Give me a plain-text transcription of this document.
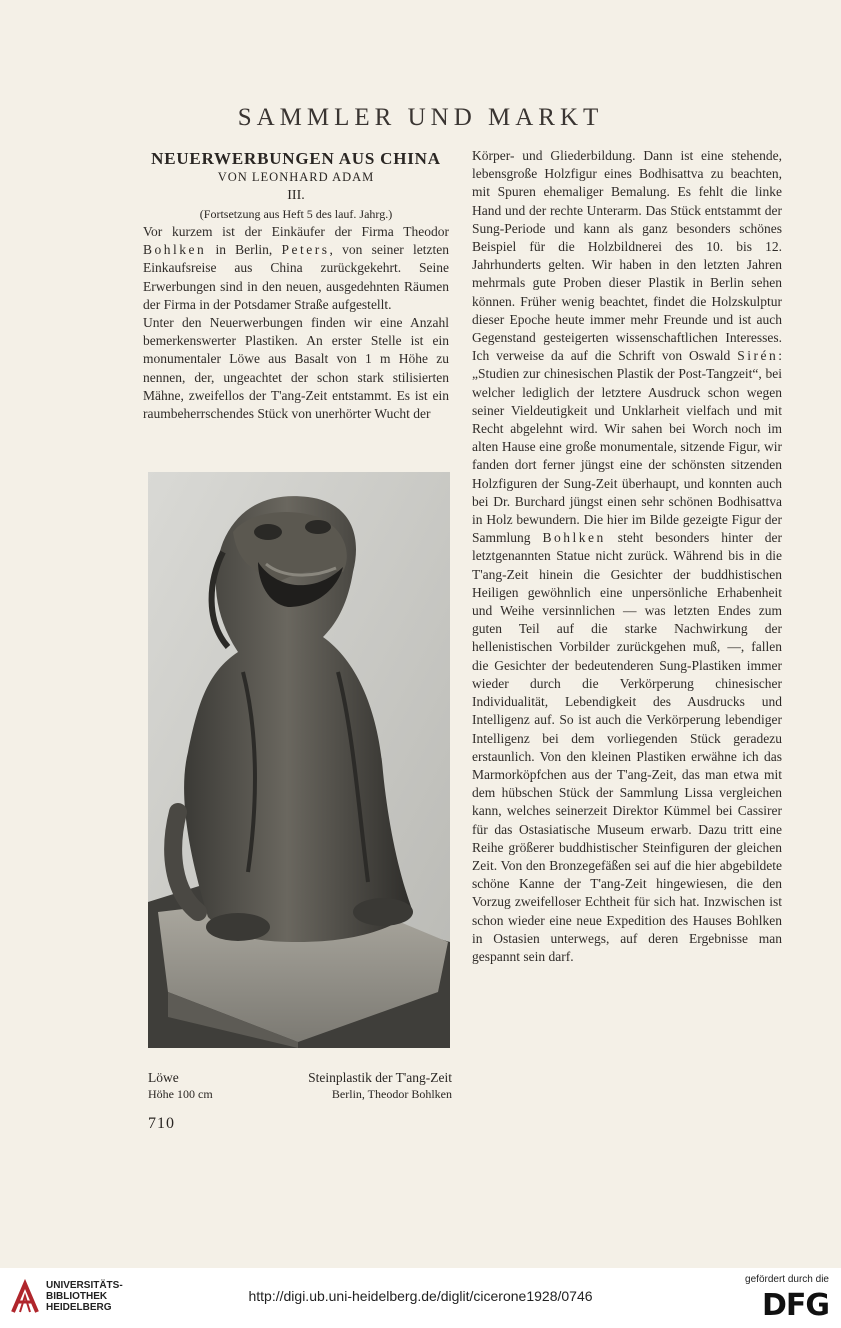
SAMMLER UND MARKT
NEUERWERBUNGEN AUS CHINA
VON LEONHARD ADAM
III.
(Fortsetzung aus Heft 5 des lauf. Jahrg.)

Vor kurzem ist der Einkäufer der Firma Theodor Bohlken in Berlin, Peters, von seiner letzten Einkaufsreise aus China zurückgekehrt. Seine Erwerbungen sind in den neuen, ausgedehnten Räumen der Firma in der Potsdamer Straße aufgestellt.

Unter den Neuerwerbungen finden wir eine Anzahl bemerkenswerter Plastiken. An erster Stelle ist ein monumentaler Löwe aus Basalt von 1 m Höhe zu nennen, der, ungeachtet der schon stark stilisierten Mähne, zweifellos der T'ang-Zeit entstammt. Es ist ein raumbeherrschendes Stück von unerhörter Wucht der

Löwe
Höhe 100 cm
Steinplastik der T'ang-Zeit
Berlin, Theodor Bohlken

Körper- und Gliederbildung. Dann ist eine stehende, lebensgroße Holzfigur eines Bodhisattva zu beachten, mit Spuren ehemaliger Bemalung. Es fehlt die linke Hand und der rechte Unterarm. Das Stück entstammt der Sung-Periode und kann als ganz besonders schönes Beispiel für die Holzbildnerei des 10. bis 12. Jahrhunderts gelten. Wir haben in den letzten Jahren mehrmals gute Proben dieser Plastik in Berlin sehen können. Früher wenig beachtet, findet die Holzskulptur dieser Epoche heute immer mehr Freunde und ist auch Gegenstand gesteigerten wissenschaftlichen Interesses. Ich verweise da auf die Schrift von Oswald Sirén: „Studien zur chinesischen Plastik der Post-Tangzeit“, bei welcher lediglich der letztere Ausdruck schon wegen seiner Vieldeutigkeit und Unklarheit vielfach und mit Recht abgelehnt wird. Wir sahen bei Worch noch im alten Hause eine große monumentale, sitzende Figur, wir fanden dort ferner jüngst eine der schönsten sitzenden Holzfiguren der Sung-Zeit überhaupt, und konnten auch bei Dr. Burchard jüngst einen sehr schönen Bodhisattva in Holz bewundern. Die hier im Bilde gezeigte Figur der Sammlung Bohlken steht besonders hinter der letztgenannten Statue nicht zurück. Während bis in die T'ang-Zeit hinein die Gesichter der buddhistischen Heiligen gewöhnlich eine unpersönliche Erhabenheit und Weihe versinnlichen — was letzten Endes zum guten Teil auf die starke Nachwirkung der hellenistischen Vorbilder zurückgehen muß, —, fallen die Gesichter der bedeutenderen Sung-Plastiken immer wieder durch die Verkörperung chinesischer Individualität, Lebendigkeit des Ausdrucks und Intelligenz auf. So ist auch die Verkörperung lebendiger Intelligenz bei dem vorliegenden Stück geradezu erstaunlich. Von den kleinen Plastiken erwähne ich das Marmorköpfchen aus der T'ang-Zeit, das man etwa mit dem hübschen Stück der Sammlung Lissa vergleichen kann, welches seinerzeit Direktor Kümmel bei Cassirer für das Ostasiatische Museum erwarb. Dazu tritt eine Reihe größerer buddhistischer Steinfiguren der gleichen Zeit. Von den Bronzegefäßen sei auf die hier abgebildete schöne Kanne der T'ang-Zeit hingewiesen, die den Vorzug zweifelloser Echtheit für sich hat. Inzwischen ist schon wieder eine neue Expedition des Hauses Bohlken in Ostasien unterwegs, auf deren Ergebnisse man gespannt sein darf.

710
UNIVERSITÄTS-
BIBLIOTHEK
HEIDELBERG
http://digi.ub.uni-heidelberg.de/diglit/cicerone1928/0746
gefördert durch die
DFG
